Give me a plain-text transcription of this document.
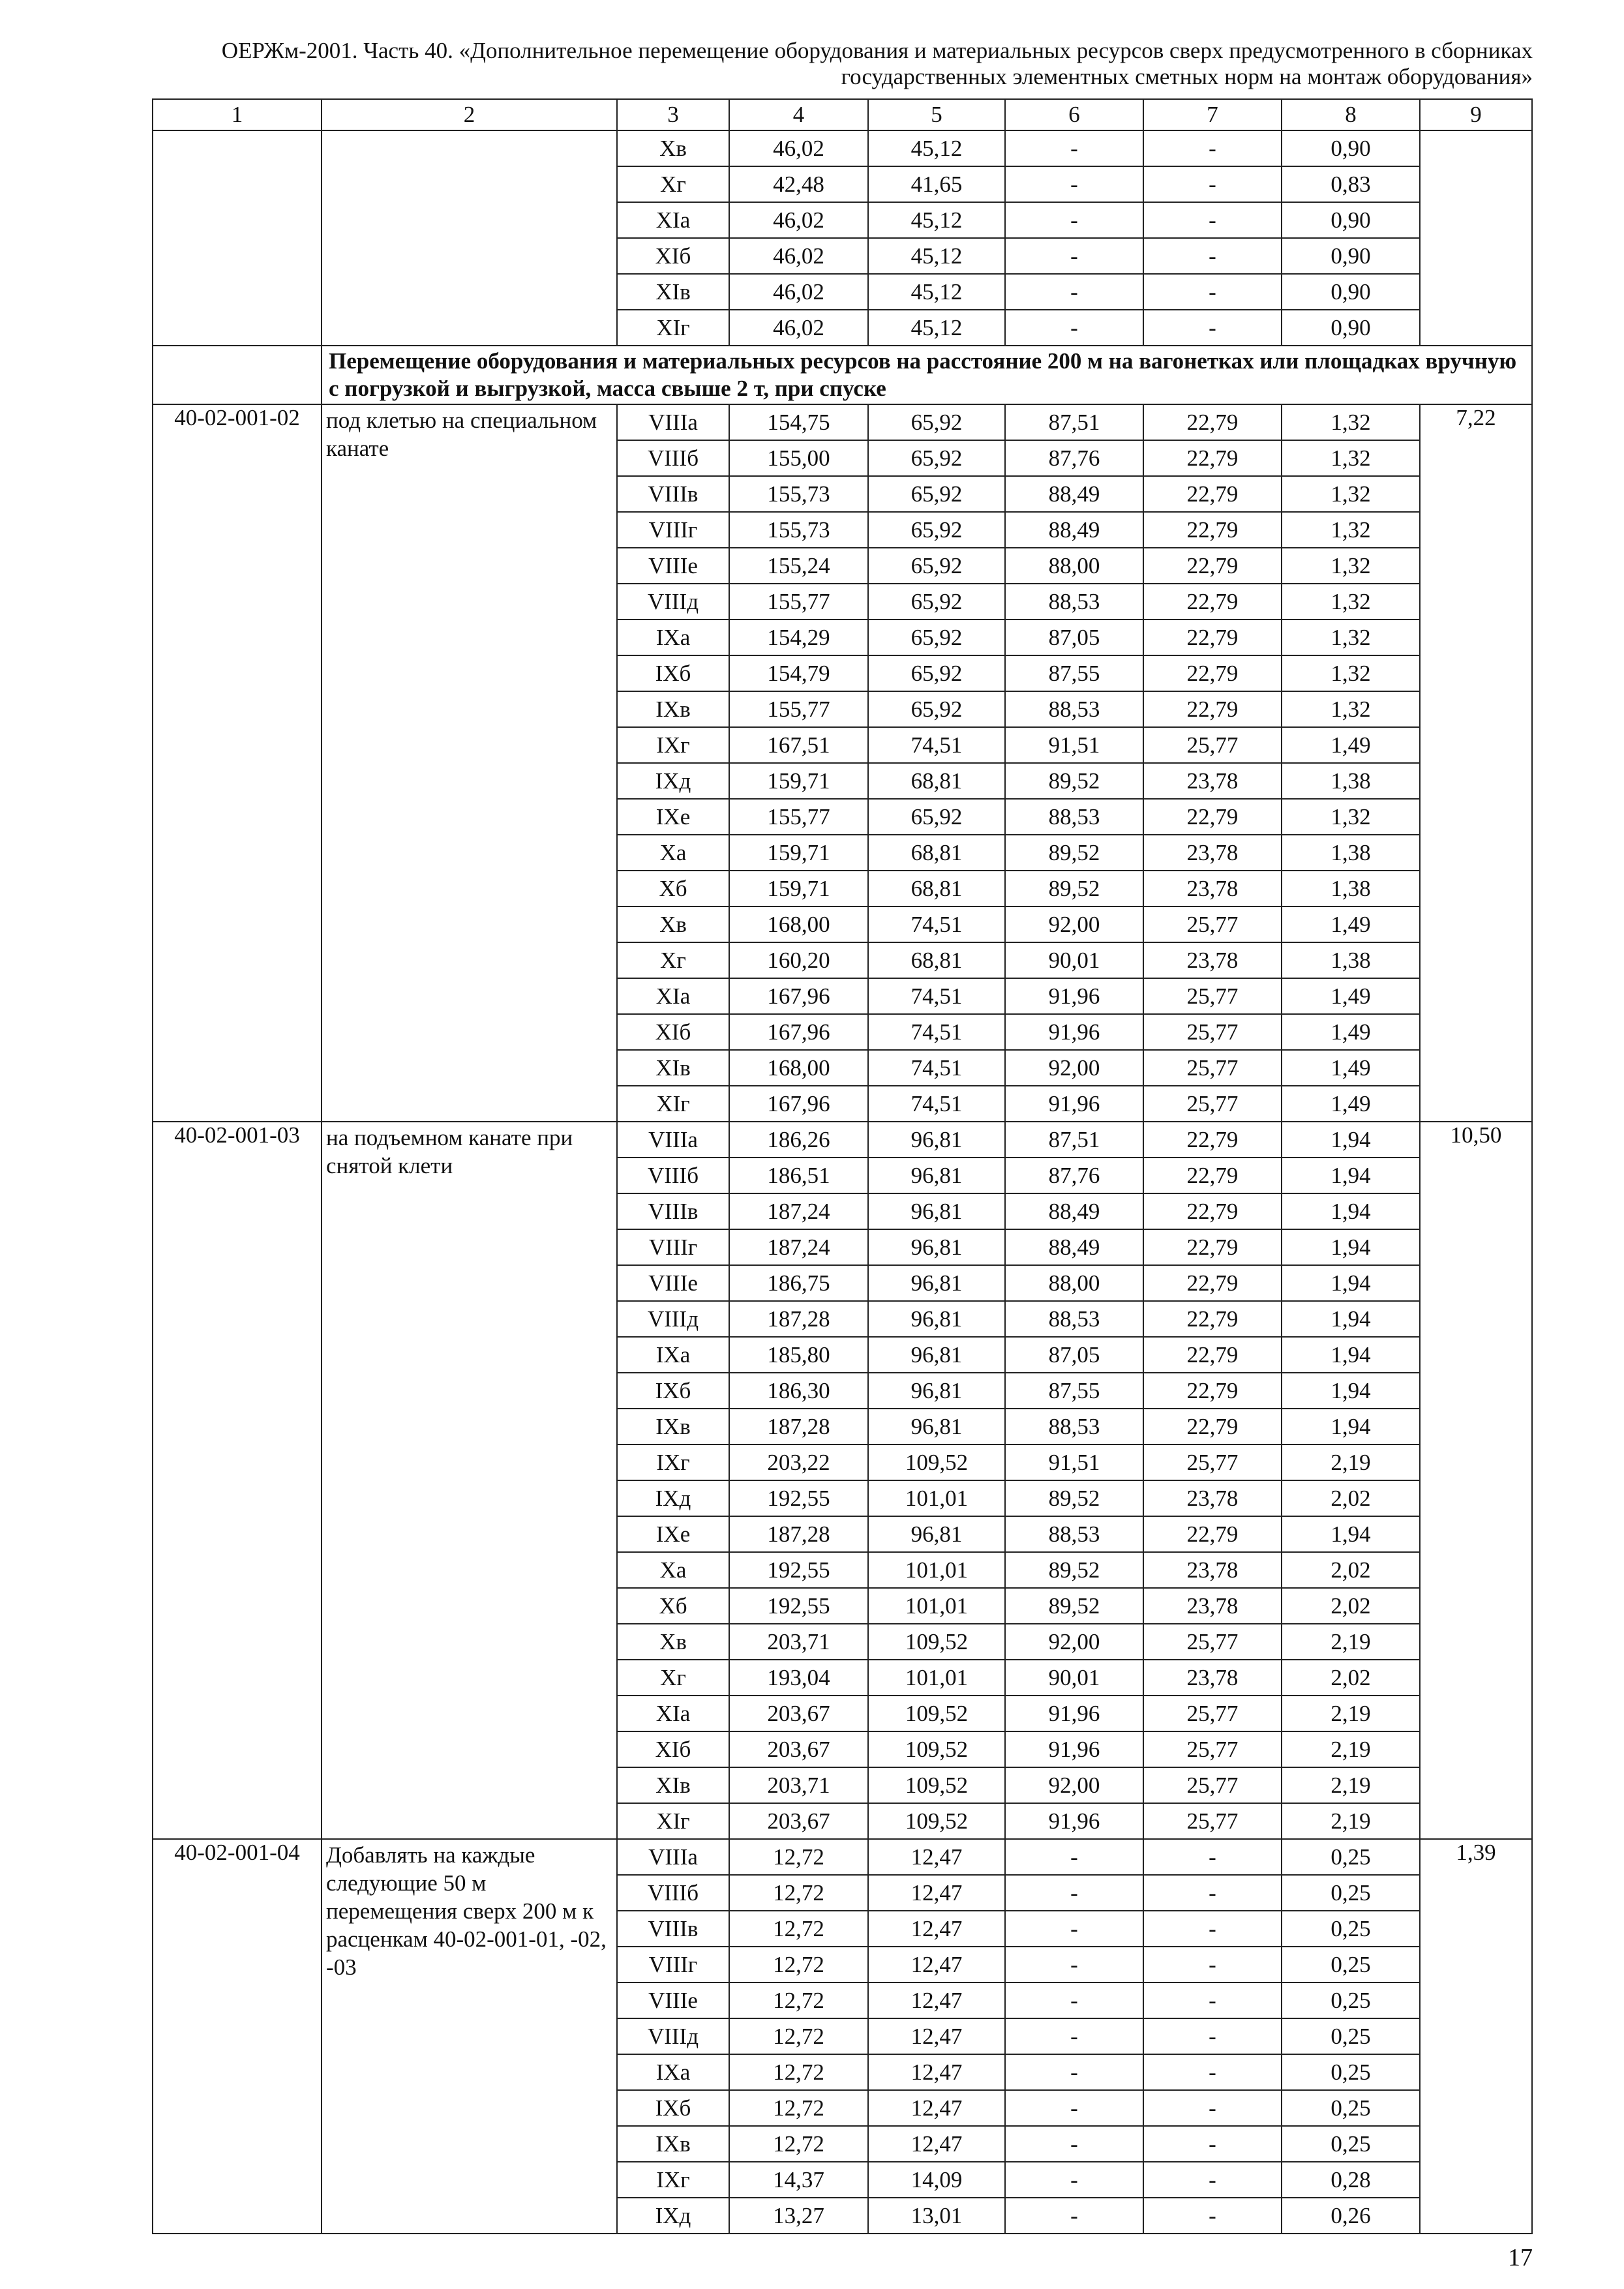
ОЕРЖм-2001. Часть 40. «Дополнительное перемещение оборудования и материальных ресурсов сверх предусмотренного в сборниках
государственных элементных сметных норм на монтаж оборудования»
1	2	3	4	5	6	7	8	9
		Xв	46,02	45,12	-	-	0,90	
		Xг	42,48	41,65	-	-	0,83	
		XIа	46,02	45,12	-	-	0,90	
		XIб	46,02	45,12	-	-	0,90	
		XIв	46,02	45,12	-	-	0,90	
		XIг	46,02	45,12	-	-	0,90	
	Перемещение оборудования и материальных ресурсов на расстояние 200 м на вагонетках или площадках вручную с погрузкой и выгрузкой, масса свыше 2 т, при спуске							
40-02-001-02	под клетью на специальном канате	VIIIа	154,75	65,92	87,51	22,79	1,32	7,22
		VIIIб	155,00	65,92	87,76	22,79	1,32	
		VIIIв	155,73	65,92	88,49	22,79	1,32	
		VIIIг	155,73	65,92	88,49	22,79	1,32	
		VIIIе	155,24	65,92	88,00	22,79	1,32	
		VIIIд	155,77	65,92	88,53	22,79	1,32	
		IXа	154,29	65,92	87,05	22,79	1,32	
		IXб	154,79	65,92	87,55	22,79	1,32	
		IXв	155,77	65,92	88,53	22,79	1,32	
		IXг	167,51	74,51	91,51	25,77	1,49	
		IXд	159,71	68,81	89,52	23,78	1,38	
		IXе	155,77	65,92	88,53	22,79	1,32	
		Xа	159,71	68,81	89,52	23,78	1,38	
		Xб	159,71	68,81	89,52	23,78	1,38	
		Xв	168,00	74,51	92,00	25,77	1,49	
		Xг	160,20	68,81	90,01	23,78	1,38	
		XIа	167,96	74,51	91,96	25,77	1,49	
		XIб	167,96	74,51	91,96	25,77	1,49	
		XIв	168,00	74,51	92,00	25,77	1,49	
		XIг	167,96	74,51	91,96	25,77	1,49	
40-02-001-03	на подъемном канате при снятой клети	VIIIа	186,26	96,81	87,51	22,79	1,94	10,50
		VIIIб	186,51	96,81	87,76	22,79	1,94	
		VIIIв	187,24	96,81	88,49	22,79	1,94	
		VIIIг	187,24	96,81	88,49	22,79	1,94	
		VIIIе	186,75	96,81	88,00	22,79	1,94	
		VIIIд	187,28	96,81	88,53	22,79	1,94	
		IXа	185,80	96,81	87,05	22,79	1,94	
		IXб	186,30	96,81	87,55	22,79	1,94	
		IXв	187,28	96,81	88,53	22,79	1,94	
		IXг	203,22	109,52	91,51	25,77	2,19	
		IXд	192,55	101,01	89,52	23,78	2,02	
		IXе	187,28	96,81	88,53	22,79	1,94	
		Xа	192,55	101,01	89,52	23,78	2,02	
		Xб	192,55	101,01	89,52	23,78	2,02	
		Xв	203,71	109,52	92,00	25,77	2,19	
		Xг	193,04	101,01	90,01	23,78	2,02	
		XIа	203,67	109,52	91,96	25,77	2,19	
		XIб	203,67	109,52	91,96	25,77	2,19	
		XIв	203,71	109,52	92,00	25,77	2,19	
		XIг	203,67	109,52	91,96	25,77	2,19	
40-02-001-04	Добавлять на каждые следующие 50 м перемещения сверх 200 м к расценкам 40-02-001-01, -02, -03	VIIIа	12,72	12,47	-	-	0,25	1,39
		VIIIб	12,72	12,47	-	-	0,25	
		VIIIв	12,72	12,47	-	-	0,25	
		VIIIг	12,72	12,47	-	-	0,25	
		VIIIе	12,72	12,47	-	-	0,25	
		VIIIд	12,72	12,47	-	-	0,25	
		IXа	12,72	12,47	-	-	0,25	
		IXб	12,72	12,47	-	-	0,25	
		IXв	12,72	12,47	-	-	0,25	
		IXг	14,37	14,09	-	-	0,28	
		IXд	13,27	13,01	-	-	0,26	
17
